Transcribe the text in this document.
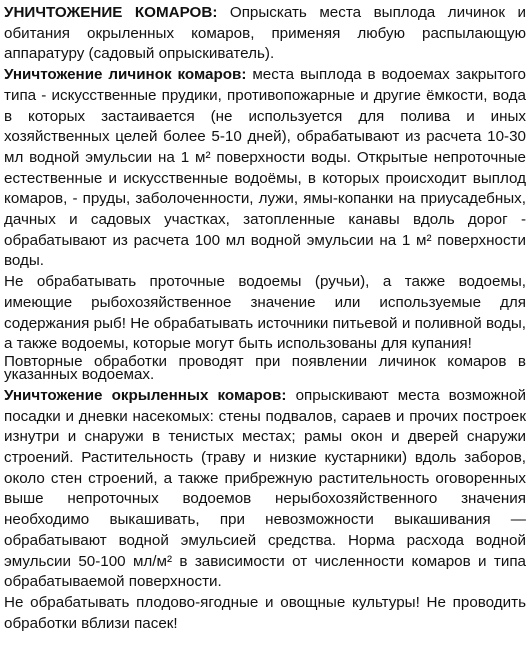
УНИЧТОЖЕНИЕ КОМАРОВ: Опрыскать места выплода личинок и обитания окрыленных комаров, применяя любую распылающую аппаратуру (садовый опрыскиватель).

Уничтожение личинок комаров: места выплода в водоемах закрытого типа - искусственные прудики, противопожарные и другие ёмкости, вода в которых застаивается (не используется для полива и иных хозяйственных целей более 5-10 дней), обрабатывают из расчета 10-30 мл водной эмульсии на 1 м² поверхности воды. Открытые непроточные естественные и искусственные водоёмы, в которых происходит выплод комаров, - пруды, заболоченности, лужи, ямы-копанки на приусадебных, дачных и садовых участках, затопленные канавы вдоль дорог - обрабатывают из расчета 100 мл водной эмульсии на 1 м² поверхности воды.

Не обрабатывать проточные водоемы (ручьи), а также водоемы, имеющие рыбохозяйственное значение или используемые для содержания рыб! Не обрабатывать источники питьевой и поливной воды, а также водоемы, которые могут быть использованы для купания!

Повторные обработки проводят при появлении личинок комаров в указанных водоемах.

Уничтожение окрыленных комаров: опрыскивают места возможной посадки и дневки насекомых: стены подвалов, сараев и прочих построек изнутри и снаружи в тенистых местах; рамы окон и дверей снаружи строений. Растительность (траву и низкие кустарники) вдоль заборов, около стен строений, а также прибрежную растительность оговоренных выше непроточных водоемов нерыбохозяйственного значения необходимо выкашивать, при невозможности выкашивания — обрабатывают водной эмульсией средства. Норма расхода водной эмульсии 50-100 мл/м² в зависимости от численности комаров и типа обрабатываемой поверхности.

Не обрабатывать плодово-ягодные и овощные культуры! Не проводить обработки вблизи пасек!
